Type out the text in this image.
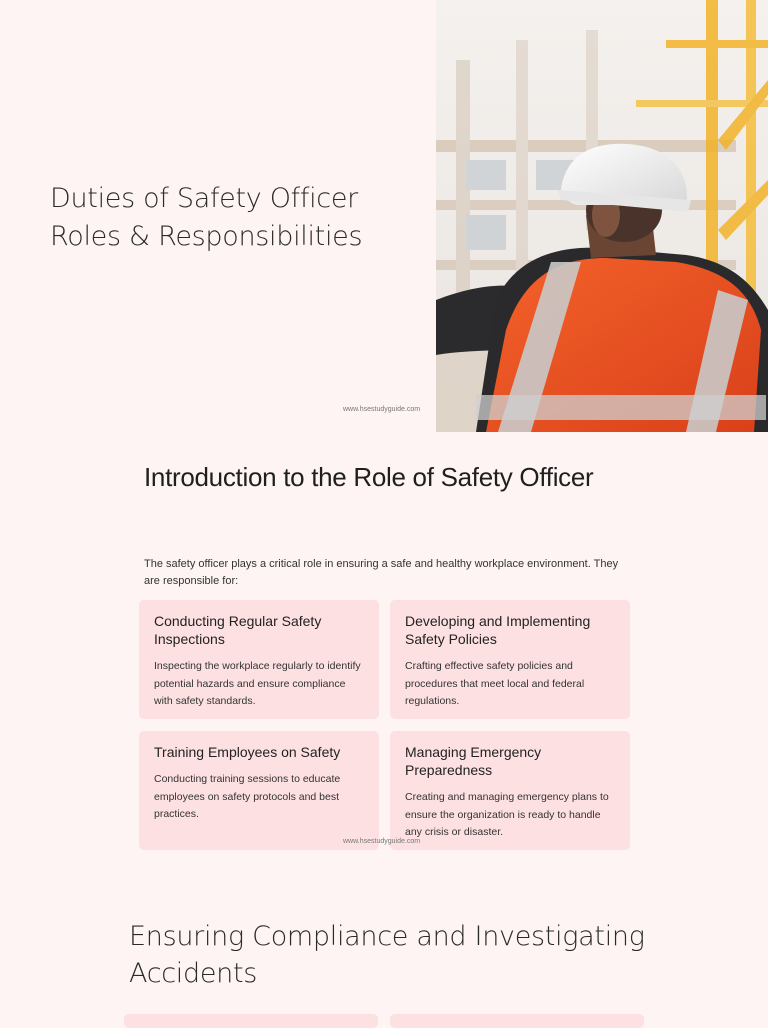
Duties of Safety Officer
Roles & Responsibilities
www.hsestudyguide.com
Introduction to the Role of Safety Officer
The safety officer plays a critical role in ensuring a safe and healthy workplace environment. They are responsible for:
Conducting Regular Safety Inspections
Inspecting the workplace regularly to identify potential hazards and ensure compliance with safety standards.
Developing and Implementing Safety Policies
Crafting effective safety policies and procedures that meet local and federal regulations.
Training Employees on Safety
Conducting training sessions to educate employees on safety protocols and best practices.
Managing Emergency Preparedness
Creating and managing emergency plans to ensure the organization is ready to handle any crisis or disaster.
www.hsestudyguide.com
Ensuring Compliance and Investigating
Accidents
